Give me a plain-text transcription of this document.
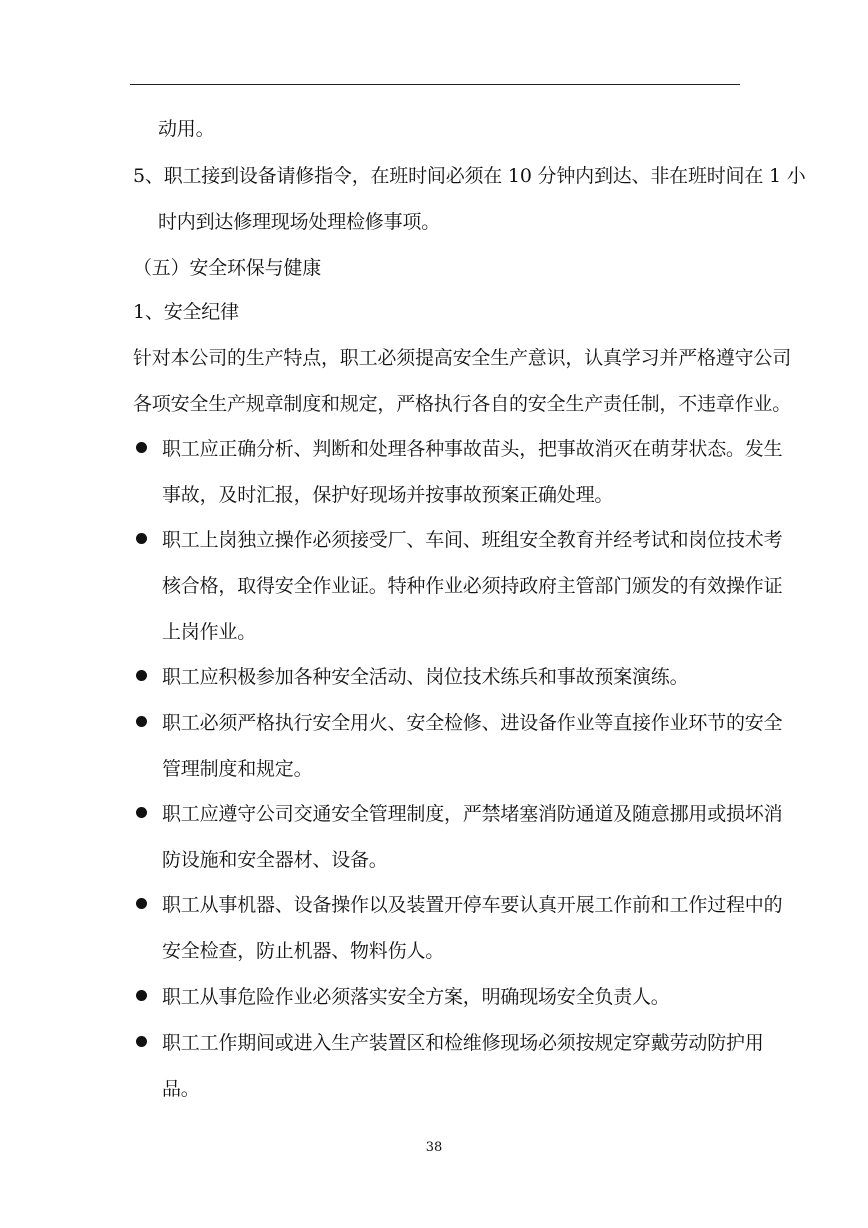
动用。
5、职工接到设备请修指令，在班时间必须在 10 分钟内到达、非在班时间在 1 小
时内到达修理现场处理检修事项。
（五）安全环保与健康
1、安全纪律
针对本公司的生产特点，职工必须提高安全生产意识，认真学习并严格遵守公司
各项安全生产规章制度和规定，严格执行各自的安全生产责任制，不违章作业。
职工应正确分析、判断和处理各种事故苗头，把事故消灭在萌芽状态。发生
事故，及时汇报，保护好现场并按事故预案正确处理。
职工上岗独立操作必须接受厂、车间、班组安全教育并经考试和岗位技术考
核合格，取得安全作业证。特种作业必须持政府主管部门颁发的有效操作证
上岗作业。
职工应积极参加各种安全活动、岗位技术练兵和事故预案演练。
职工必须严格执行安全用火、安全检修、进设备作业等直接作业环节的安全
管理制度和规定。
职工应遵守公司交通安全管理制度，严禁堵塞消防通道及随意挪用或损坏消
防设施和安全器材、设备。
职工从事机器、设备操作以及装置开停车要认真开展工作前和工作过程中的
安全检查，防止机器、物料伤人。
职工从事危险作业必须落实安全方案，明确现场安全负责人。
职工工作期间或进入生产装置区和检维修现场必须按规定穿戴劳动防护用
品。
38
